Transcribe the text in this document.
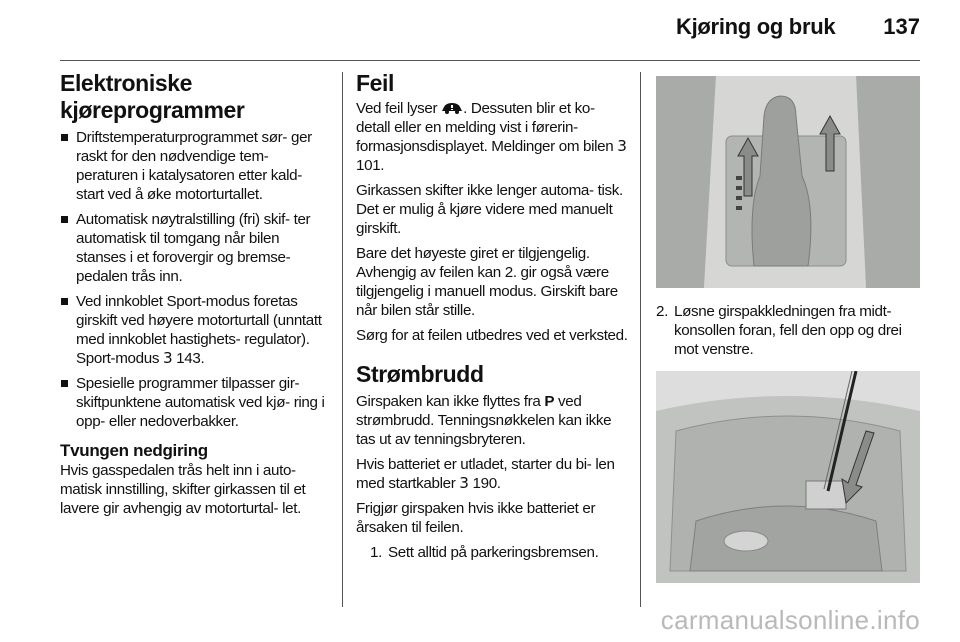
Kjøring og bruk 137
Elektroniske kjøreprogrammer
Driftstemperaturprogrammet sør- ger raskt for den nødvendige tem- peraturen i katalysatoren etter kald- start ved å øke motorturtallet.
Automatisk nøytralstilling (fri) skif- ter automatisk til tomgang når bilen stanses i et forovergir og bremse- pedalen trås inn.
Ved innkoblet Sport-modus foretas girskift ved høyere motorturtall (unntatt med innkoblet hastighets- regulator). Sport-modus 3 143.
Spesielle programmer tilpasser gir- skiftpunktene automatisk ved kjø- ring i opp- eller nedoverbakker.
Tvungen nedgiring

Hvis gasspedalen trås helt inn i auto- matisk innstilling, skifter girkassen til et lavere gir avhengig av motorturtal- let.

Feil

Ved feil lyser . Dessuten blir et ko- detall eller en melding vist i førerin- formasjonsdisplayet. Meldinger om bilen 3 101.

Girkassen skifter ikke lenger automa- tisk. Det er mulig å kjøre videre med manuelt girskift.

Bare det høyeste giret er tilgjengelig. Avhengig av feilen kan 2. gir også være tilgjengelig i manuell modus. Girskift bare når bilen står stille.

Sørg for at feilen utbedres ved et verksted.

Strømbrudd

Girspaken kan ikke flyttes fra P ved strømbrudd. Tenningsnøkkelen kan ikke tas ut av tenningsbryteren.

Hvis batteriet er utladet, starter du bi- len med startkabler 3 190.

Frigjør girspaken hvis ikke batteriet er årsaken til feilen.

1. Sett alltid på parkeringsbremsen.
2. Løsne girspakkledningen fra midt- konsollen foran, fell den opp og drei mot venstre.
carmanualsonline.info
